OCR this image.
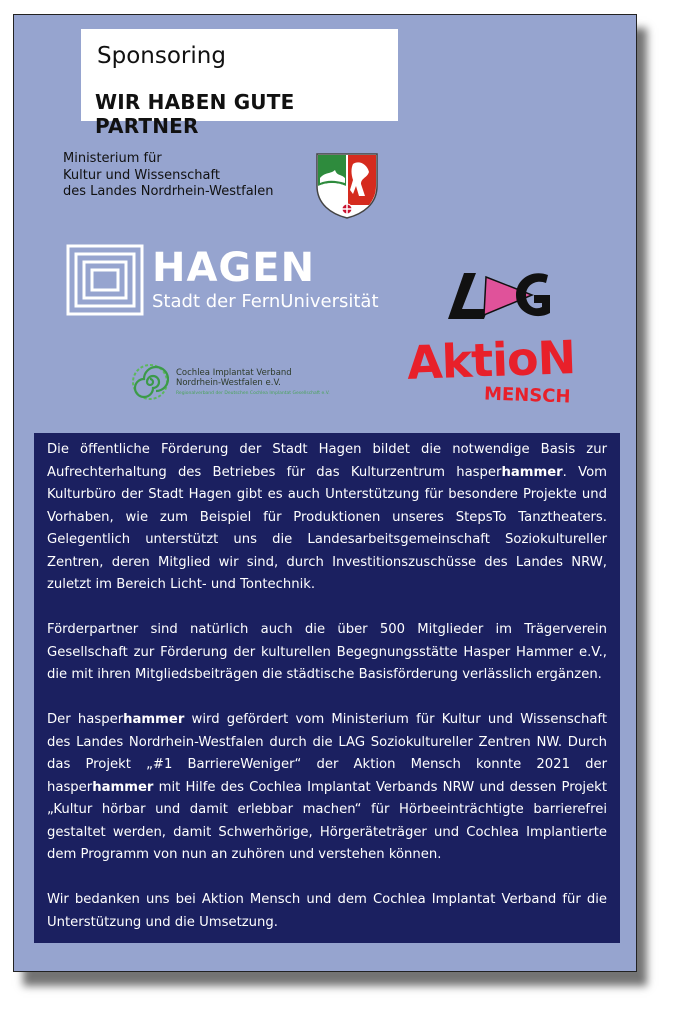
Sponsoring
WIR HABEN GUTE PARTNER
Ministerium für
Kultur und Wissenschaft
des Landes Nordrhein-Westfalen
HAGEN
Stadt der FernUniversität
Cochlea Implantat Verband
Nordrhein-Westfalen e.V.
Regionalverband der Deutschen Cochlea Implantat Gesellschaft e.V.
AktioN
MENSCH

Die öffentliche Förderung der Stadt Hagen bildet die notwendige Basis zur Aufrechterhaltung des Betriebes für das Kulturzentrum hasperhammer. Vom Kulturbüro der Stadt Hagen gibt es auch Unterstützung für besondere Projekte und Vorhaben, wie zum Beispiel für Produktionen unseres StepsTo Tanztheaters. Gelegentlich unterstützt uns die Landesarbeitsgemeinschaft Soziokultureller Zentren, deren Mitglied wir sind, durch Investitionszuschüsse des Landes NRW, zuletzt im Bereich Licht- und Tontechnik.

Förderpartner sind natürlich auch die über 500 Mitglieder im Trägerverein Gesellschaft zur Förderung der kulturellen Begegnungsstätte Hasper Hammer e.V., die mit ihren Mitgliedsbeiträgen die städtische Basisförderung verlässlich ergänzen.

Der hasperhammer wird gefördert vom Ministerium für Kultur und Wissenschaft des Landes Nordrhein-Westfalen durch die LAG Soziokultureller Zentren NW. Durch das Projekt „#1 BarriereWeniger“ der Aktion Mensch konnte 2021 der hasperhammer mit Hilfe des Cochlea Implantat Verbands NRW und dessen Projekt „Kultur hörbar und damit erlebbar machen“ für Hörbeeinträchtigte barrierefrei gestaltet werden, damit Schwerhörige, Hörgeräteträger und Cochlea Implantierte dem Programm von nun an zuhören und verstehen können.

Wir bedanken uns bei Aktion Mensch und dem Cochlea Implantat Verband für die Unterstützung und die Umsetzung.
